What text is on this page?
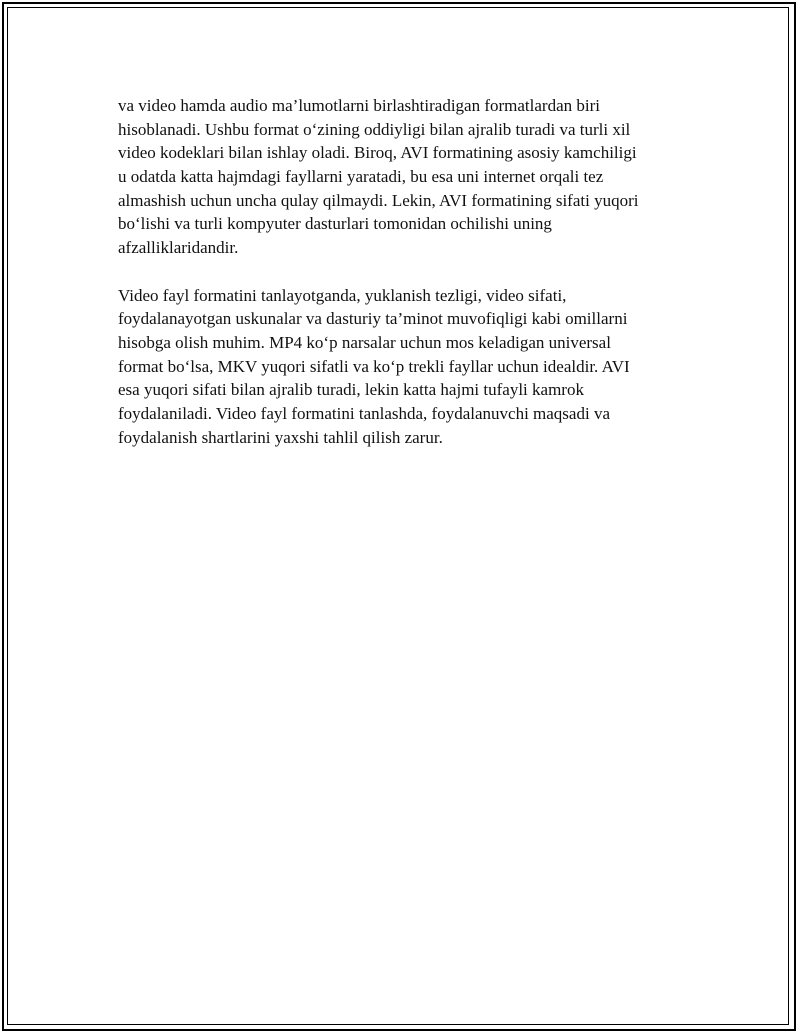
va video hamda audio ma’lumotlarni birlashtiradigan formatlardan biri
hisoblanadi. Ushbu format o‘zining oddiyligi bilan ajralib turadi va turli xil
video kodeklari bilan ishlay oladi. Biroq, AVI formatining asosiy kamchiligi
u odatda katta hajmdagi fayllarni yaratadi, bu esa uni internet orqali tez
almashish uchun uncha qulay qilmaydi. Lekin, AVI formatining sifati yuqori
bo‘lishi va turli kompyuter dasturlari tomonidan ochilishi uning
afzalliklaridandir.
Video fayl formatini tanlayotganda, yuklanish tezligi, video sifati,
foydalanayotgan uskunalar va dasturiy ta’minot muvofiqligi kabi omillarni
hisobga olish muhim. MP4 ko‘p narsalar uchun mos keladigan universal
format bo‘lsa, MKV yuqori sifatli va ko‘p trekli fayllar uchun idealdir. AVI
esa yuqori sifati bilan ajralib turadi, lekin katta hajmi tufayli kamrok
foydalaniladi. Video fayl formatini tanlashda, foydalanuvchi maqsadi va
foydalanish shartlarini yaxshi tahlil qilish zarur.
